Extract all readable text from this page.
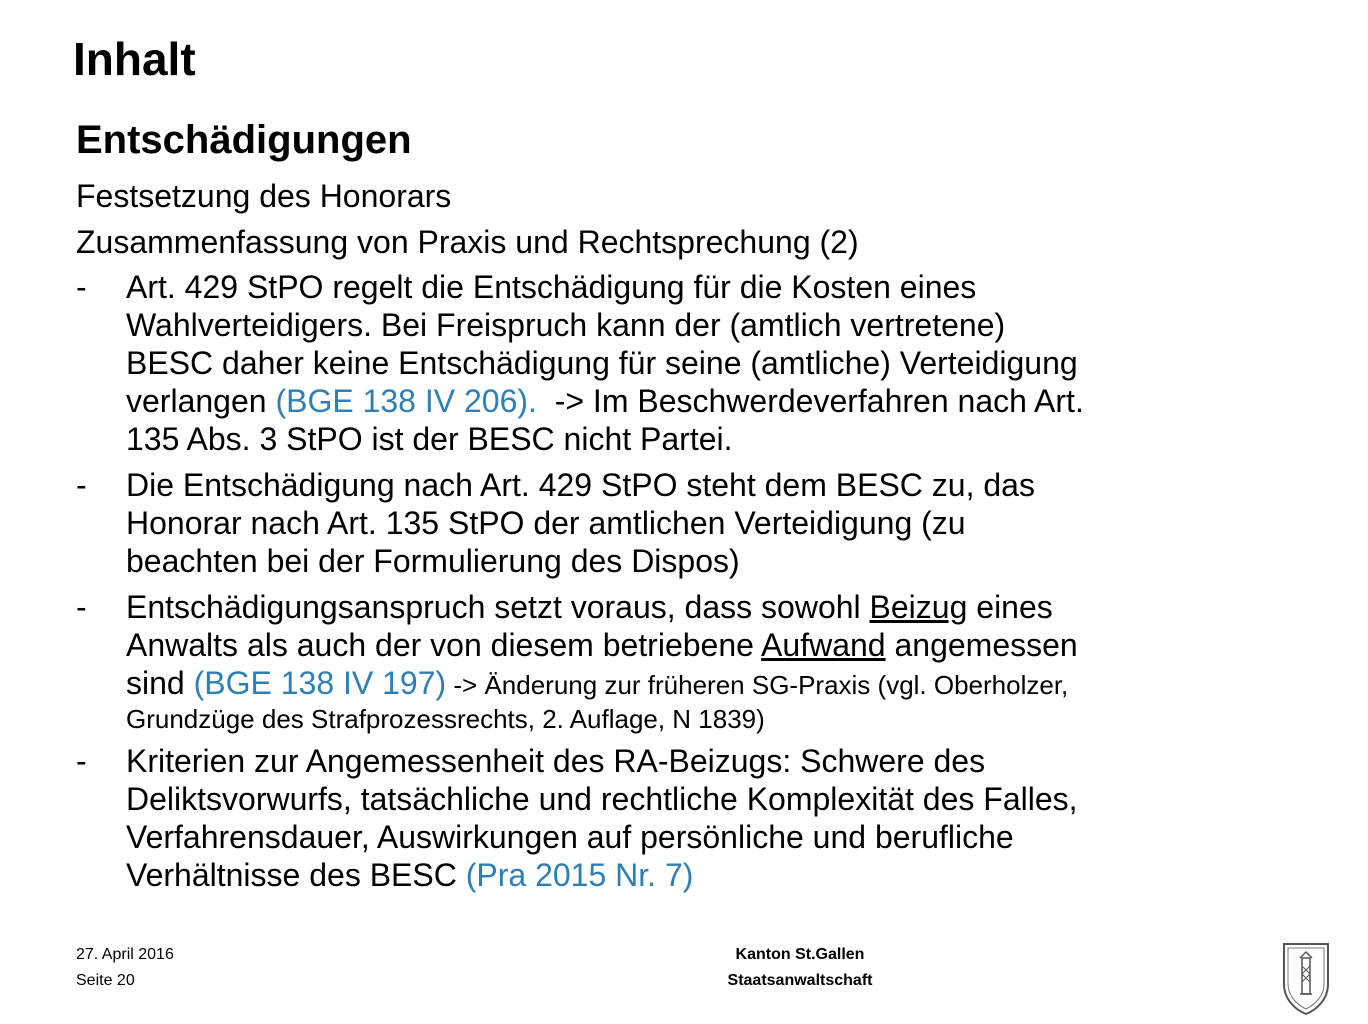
Inhalt
Entschädigungen

Festsetzung des Honorars

Zusammenfassung von Praxis und Rechtsprechung (2)

- Art. 429 StPO regelt die Entschädigung für die Kosten eines
Wahlverteidigers. Bei Freispruch kann der (amtlich vertretene)
BESC daher keine Entschädigung für seine (amtliche) Verteidigung
verlangen (BGE 138 IV 206).  -> Im Beschwerdeverfahren nach Art.
135 Abs. 3 StPO ist der BESC nicht Partei.
- Die Entschädigung nach Art. 429 StPO steht dem BESC zu, das
Honorar nach Art. 135 StPO der amtlichen Verteidigung (zu
beachten bei der Formulierung des Dispos)
- Entschädigungsanspruch setzt voraus, dass sowohl Beizug eines
Anwalts als auch der von diesem betriebene Aufwand angemessen
sind (BGE 138 IV 197) -> Änderung zur früheren SG-Praxis (vgl. Oberholzer,
Grundzüge des Strafprozessrechts, 2. Auflage, N 1839)
- Kriterien zur Angemessenheit des RA-Beizugs: Schwere des
Deliktsvorwurfs, tatsächliche und rechtliche Komplexität des Falles,
Verfahrensdauer, Auswirkungen auf persönliche und berufliche
Verhältnisse des BESC (Pra 2015 Nr. 7)
27. April 2016
Seite 20
Kanton St.Gallen
Staatsanwaltschaft
